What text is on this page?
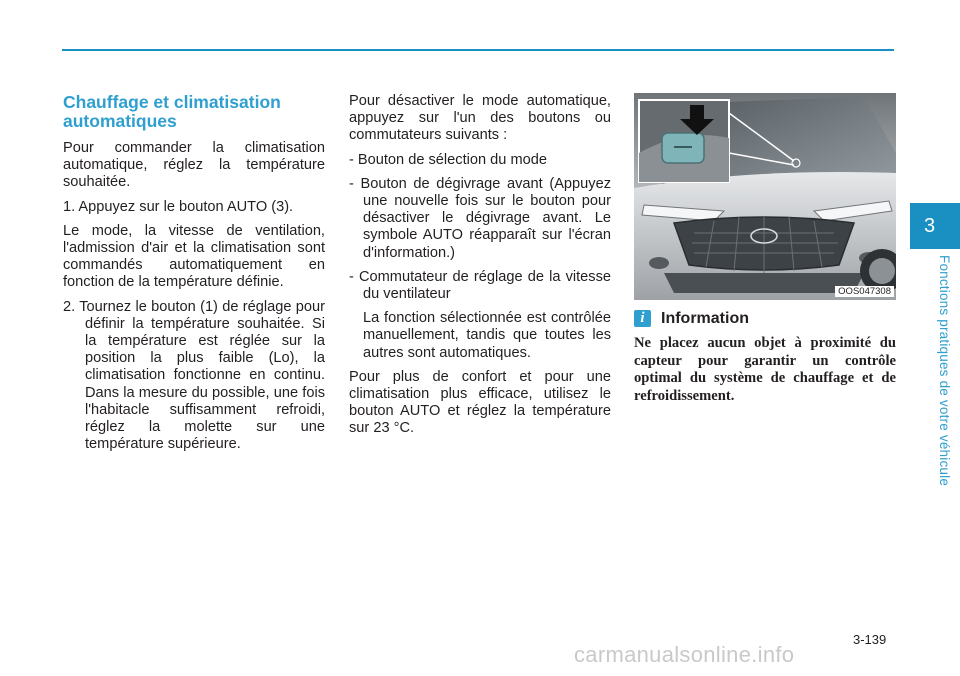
Chauffage et climatisation automatiques

Pour commander la climatisation automatique, réglez la température souhaitée.

1. Appuyez sur le bouton AUTO (3).

Le mode, la vitesse de ventilation, l'admission d'air et la climatisation sont commandés automatiquement en fonction de la température définie.

2. Tournez le bouton (1) de réglage pour définir la température souhaitée. Si la température est réglée sur la position la plus faible (Lo), la climatisation fonctionne en continu. Dans la mesure du possible, une fois l'habitacle suffisamment refroidi, réglez la molette sur une température supérieure.

Pour désactiver le mode automatique, appuyez sur l'un des boutons ou commutateurs suivants :

- Bouton de sélection du mode

- Bouton de dégivrage avant (Appuyez une nouvelle fois sur le bouton pour désactiver le dégivrage avant. Le symbole AUTO réapparaît sur l'écran d'information.)

- Commutateur de réglage de la vitesse du ventilateur

La fonction sélectionnée est contrôlée manuellement, tandis que toutes les autres sont automatiques.

Pour plus de confort et pour une climatisation plus efficace, utilisez le bouton AUTO et réglez la température sur 23 °C.

OOS047308
i	Information

Ne placez aucun objet à proximité du capteur pour garantir un contrôle optimal du système de chauffage et de refroidissement.

3
Fonctions pratiques de votre véhicule
3-139
carmanualsonline.info
